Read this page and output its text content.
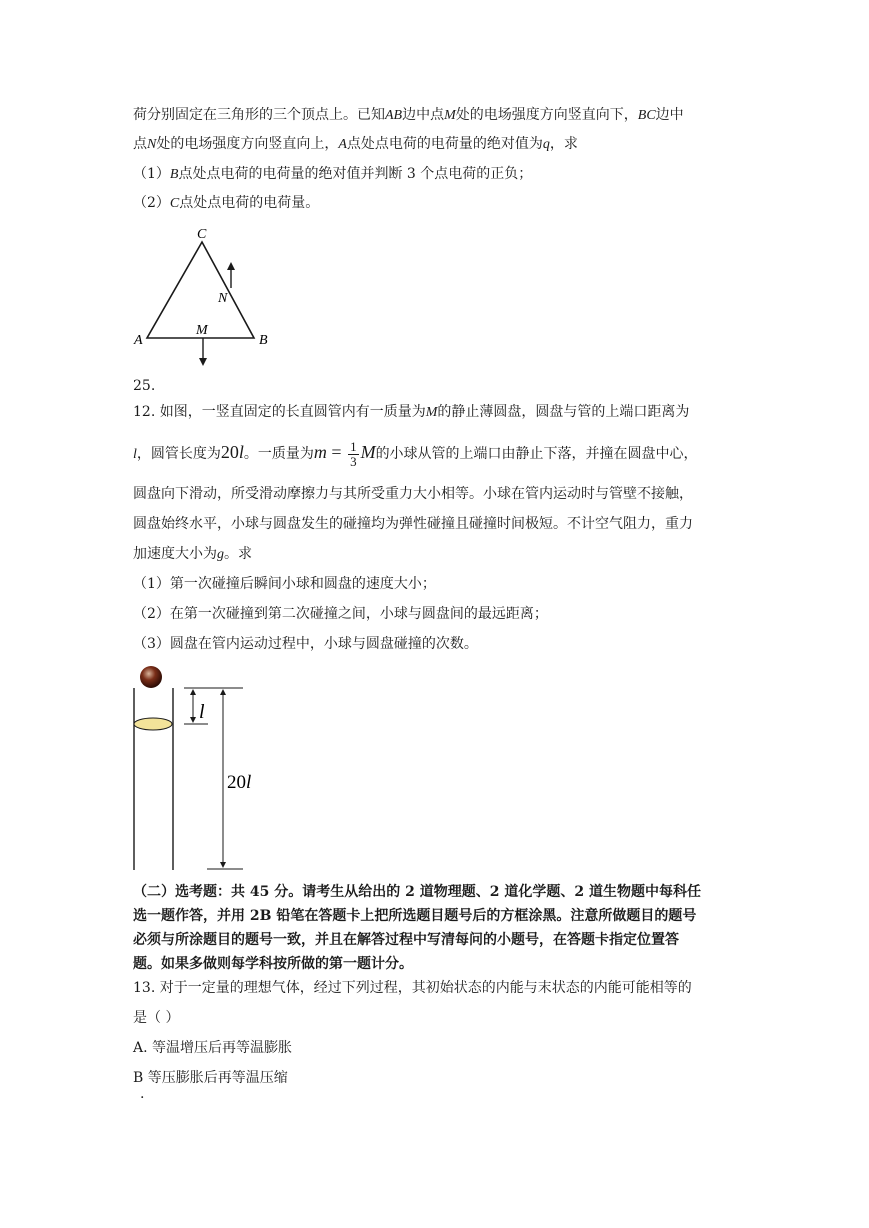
荷分别固定在三角形的三个顶点上。已知AB边中点M处的电场强度方向竖直向下，BC边中
点N处的电场强度方向竖直向上，A点处点电荷的电荷量的绝对值为q，求
（1）B点处点电荷的电荷量的绝对值并判断 3 个点电荷的正负；
（2）C点处点电荷的电荷量。
C
A	B
M
N
25.
12. 如图，一竖直固定的长直圆管内有一质量为M的静止薄圆盘，圆盘与管的上端口距离为
l，圆管长度为20l。一质量为$m = \frac{1}{3}$ M的小球从管的上端口由静止下落，并撞在圆盘中心，
圆盘向下滑动，所受滑动摩擦力与其所受重力大小相等。小球在管内运动时与管壁不接触，
圆盘始终水平，小球与圆盘发生的碰撞均为弹性碰撞且碰撞时间极短。不计空气阻力，重力
加速度大小为g。求
（1）第一次碰撞后瞬间小球和圆盘的速度大小；
（2）在第一次碰撞到第二次碰撞之间，小球与圆盘间的最远距离；
（3）圆盘在管内运动过程中，小球与圆盘碰撞的次数。
l
20l
（二）选考题：共 45 分。请考生从给出的 2 道物理题、2 道化学题、2 道生物题中每科任
选一题作答，并用 2B 铅笔在答题卡上把所选题目题号后的方框涂黑。注意所做题目的题号
必须与所涂题目的题号一致，并且在解答过程中写清每问的小题号，在答题卡指定位置答
题。如果多做则每学科按所做的第一题计分。
13. 对于一定量的理想气体，经过下列过程，其初始状态的内能与末状态的内能可能相等的
是（ ）
A. 等温增压后再等温膨胀
B 等压膨胀后再等温压缩
.
